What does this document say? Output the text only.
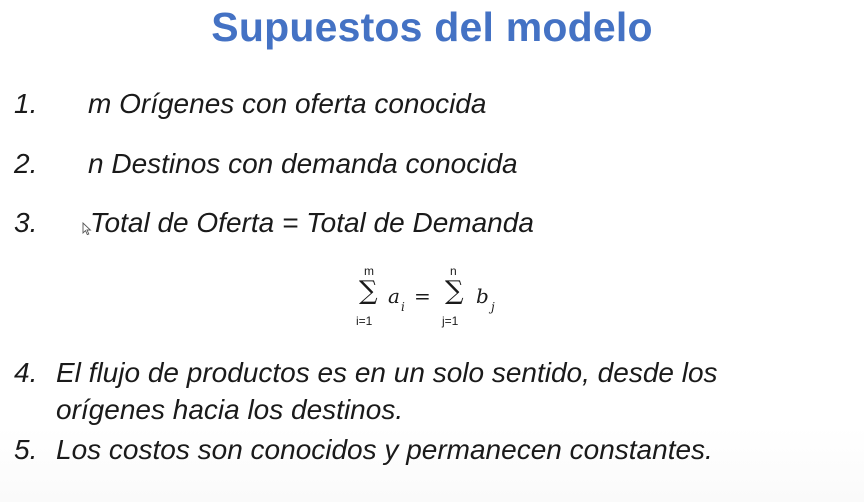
Supuestos del modelo
1. m Orígenes con oferta conocida
2. n Destinos con demanda conocida
3. Total de Oferta = Total de Demanda
m
∑
i=1
a i =
n
∑
j=1
b j
4. El flujo de productos es en un solo sentido, desde los
orígenes hacia los destinos.
5. Los costos son conocidos y permanecen constantes.
